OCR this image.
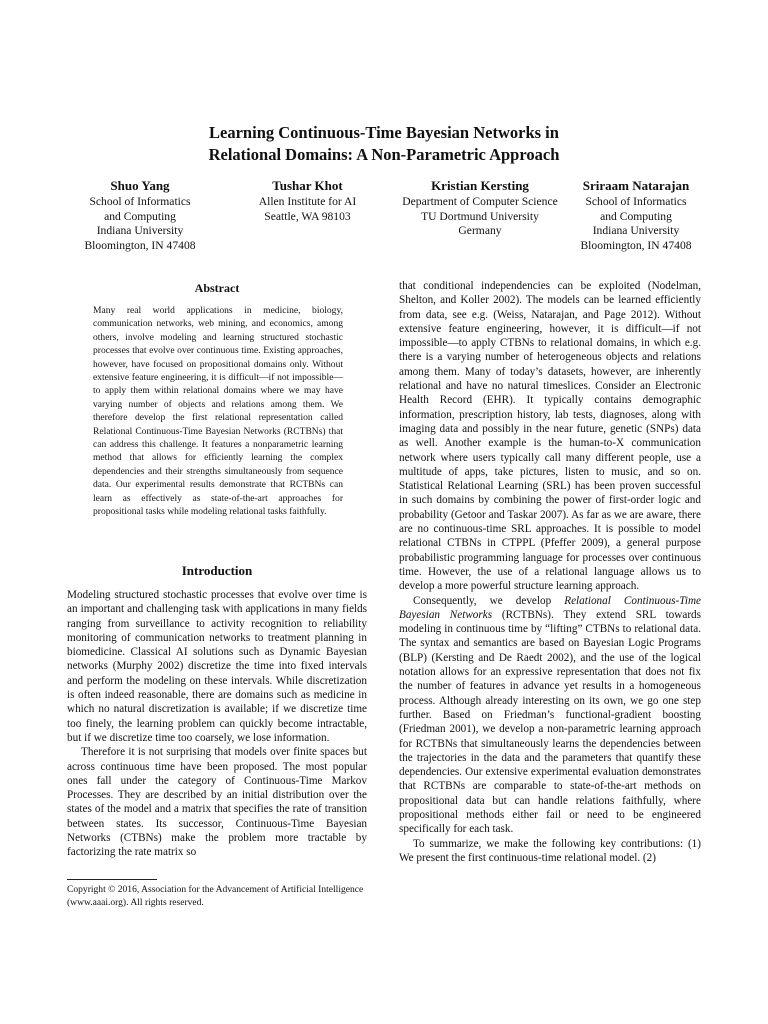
Learning Continuous-Time Bayesian Networks in
Relational Domains: A Non-Parametric Approach
Shuo Yang
School of Informatics
and Computing
Indiana University
Bloomington, IN 47408
Tushar Khot
Allen Institute for AI
Seattle, WA 98103
Kristian Kersting
Department of Computer Science
TU Dortmund University
Germany
Sriraam Natarajan
School of Informatics
and Computing
Indiana University
Bloomington, IN 47408
Abstract
Many real world applications in medicine, biology, communication networks, web mining, and economics, among others, involve modeling and learning structured stochastic processes that evolve over continuous time. Existing approaches, however, have focused on propositional domains only. Without extensive feature engineering, it is difficult—if not impossible—to apply them within relational domains where we may have varying number of objects and relations among them. We therefore develop the first relational representation called Relational Continuous-Time Bayesian Networks (RCTBNs) that can address this challenge. It features a nonparametric learning method that allows for efficiently learning the complex dependencies and their strengths simultaneously from sequence data. Our experimental results demonstrate that RCTBNs can learn as effectively as state-of-the-art approaches for propositional tasks while modeling relational tasks faithfully.
Introduction

Modeling structured stochastic processes that evolve over time is an important and challenging task with applications in many fields ranging from surveillance to activity recognition to reliability monitoring of communication networks to treatment planning in biomedicine. Classical AI solutions such as Dynamic Bayesian networks (Murphy 2002) discretize the time into fixed intervals and perform the modeling on these intervals. While discretization is often indeed reasonable, there are domains such as medicine in which no natural discretization is available; if we discretize time too finely, the learning problem can quickly become intractable, but if we discretize time too coarsely, we lose information.

Therefore it is not surprising that models over finite spaces but across continuous time have been proposed. The most popular ones fall under the category of Continuous-Time Markov Processes. They are described by an initial distribution over the states of the model and a matrix that specifies the rate of transition between states. Its successor, Continuous-Time Bayesian Networks (CTBNs) make the problem more tractable by factorizing the rate matrix so

Copyright © 2016, Association for the Advancement of Artificial Intelligence (www.aaai.org). All rights reserved.

that conditional independencies can be exploited (Nodelman, Shelton, and Koller 2002). The models can be learned efficiently from data, see e.g. (Weiss, Natarajan, and Page 2012). Without extensive feature engineering, however, it is difficult—if not impossible—to apply CTBNs to relational domains, in which e.g. there is a varying number of heterogeneous objects and relations among them. Many of today’s datasets, however, are inherently relational and have no natural timeslices. Consider an Electronic Health Record (EHR). It typically contains demographic information, prescription history, lab tests, diagnoses, along with imaging data and possibly in the near future, genetic (SNPs) data as well. Another example is the human-to-X communication network where users typically call many different people, use a multitude of apps, take pictures, listen to music, and so on. Statistical Relational Learning (SRL) has been proven successful in such domains by combining the power of first-order logic and probability (Getoor and Taskar 2007). As far as we are aware, there are no continuous-time SRL approaches. It is possible to model relational CTBNs in CTPPL (Pfeffer 2009), a general purpose probabilistic programming language for processes over continuous time. However, the use of a relational language allows us to develop a more powerful structure learning approach.

Consequently, we develop Relational Continuous-Time Bayesian Networks (RCTBNs). They extend SRL towards modeling in continuous time by “lifting” CTBNs to relational data. The syntax and semantics are based on Bayesian Logic Programs (BLP) (Kersting and De Raedt 2002), and the use of the logical notation allows for an expressive representation that does not fix the number of features in advance yet results in a homogeneous process. Although already interesting on its own, we go one step further. Based on Friedman’s functional-gradient boosting (Friedman 2001), we develop a non-parametric learning approach for RCTBNs that simultaneously learns the dependencies between the trajectories in the data and the parameters that quantify these dependencies. Our extensive experimental evaluation demonstrates that RCTBNs are comparable to state-of-the-art methods on propositional data but can handle relations faithfully, where propositional methods either fail or need to be engineered specifically for each task.

To summarize, we make the following key contributions: (1) We present the first continuous-time relational model. (2)
